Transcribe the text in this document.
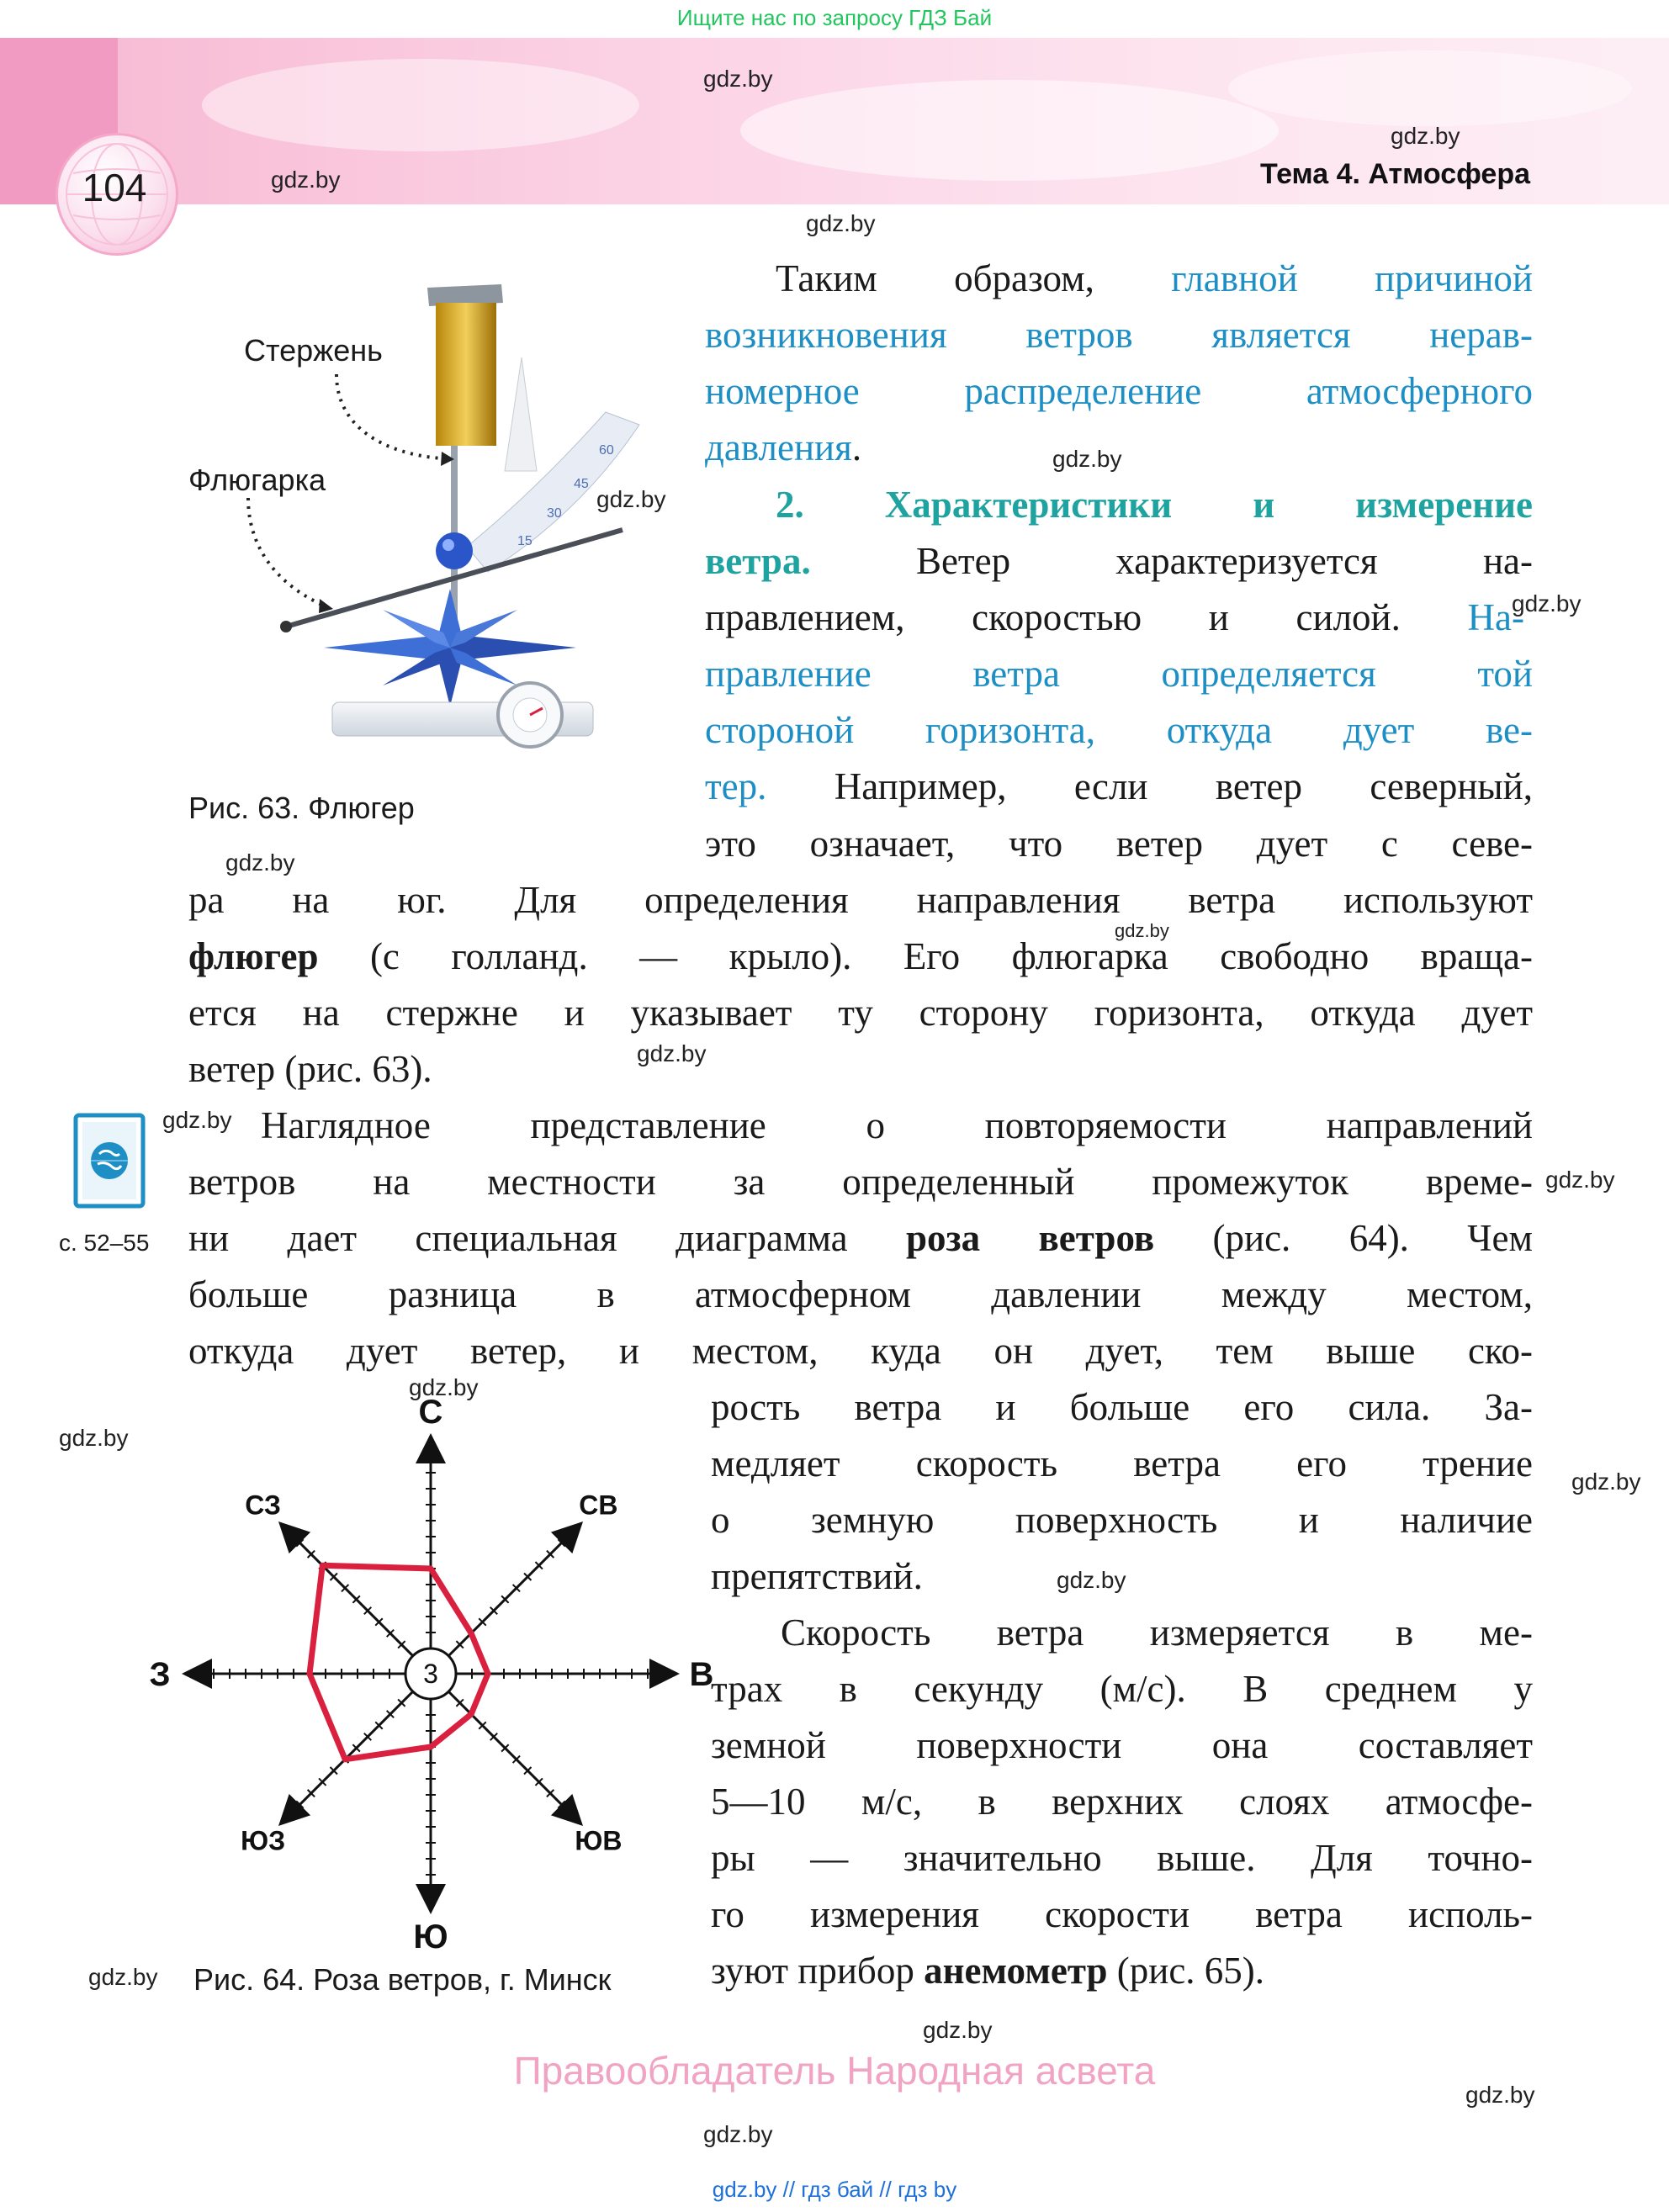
Ищите нас по запросу ГДЗ Бай
104	Тема 4. Атмосфера
gdz.by
gdz.by
gdz.by
gdz.by
gdz.by
gdz.by
gdz.by
gdz.by
gdz.by
gdz.by
gdz.by
gdz.by
gdz.by
gdz.by
gdz.by
gdz.by
gdz.by
gdz.by
gdz.by
gdz.by
15
30
45
60
Стержень
Флюгарка
Рис. 63. Флюгер
Таким образом, главной причиной
возникновения ветров является нерав-
номерное распределение атмосферного
давления.
2. Характеристики и измерение
ветра. Ветер характеризуется на-
правлением, скоростью и силой. На-
правление ветра определяется той
стороной горизонта, откуда дует ве-
тер. Например, если ветер северный,
это означает, что ветер дует с севе-
ра на юг. Для определения направления ветра используют
флюгер (с голланд. — крыло). Его флюгарка свободно враща-
ется на стержне и указывает ту сторону горизонта, откуда дует
ветер (рис. 63).
с. 52–55
Наглядное представление о повторяемости направлений
ветров на местности за определенный промежуток време-
ни дает специальная диаграмма роза ветров (рис. 64). Чем
больше разница в атмосферном давлении между местом,
откуда дует ветер, и местом, куда он дует, тем выше ско-
рость ветра и больше его сила. За-
медляет скорость ветра его трение
о земную поверхность и наличие
препятствий.
Скорость ветра измеряется в ме-
трах в секунду (м/с). В среднем у
земной поверхности она составляет
5—10 м/с, в верхних слоях атмосфе-
ры — значительно выше. Для точно-
го измерения скорости ветра исполь-
зуют прибор анемометр (рис. 65).
С
СВ
В
ЮВ
Ю
ЮЗ
З
СЗ
3
Рис. 64. Роза ветров, г. Минск
Правообладатель Народная асвета
gdz.by // гдз бай // гдз by
